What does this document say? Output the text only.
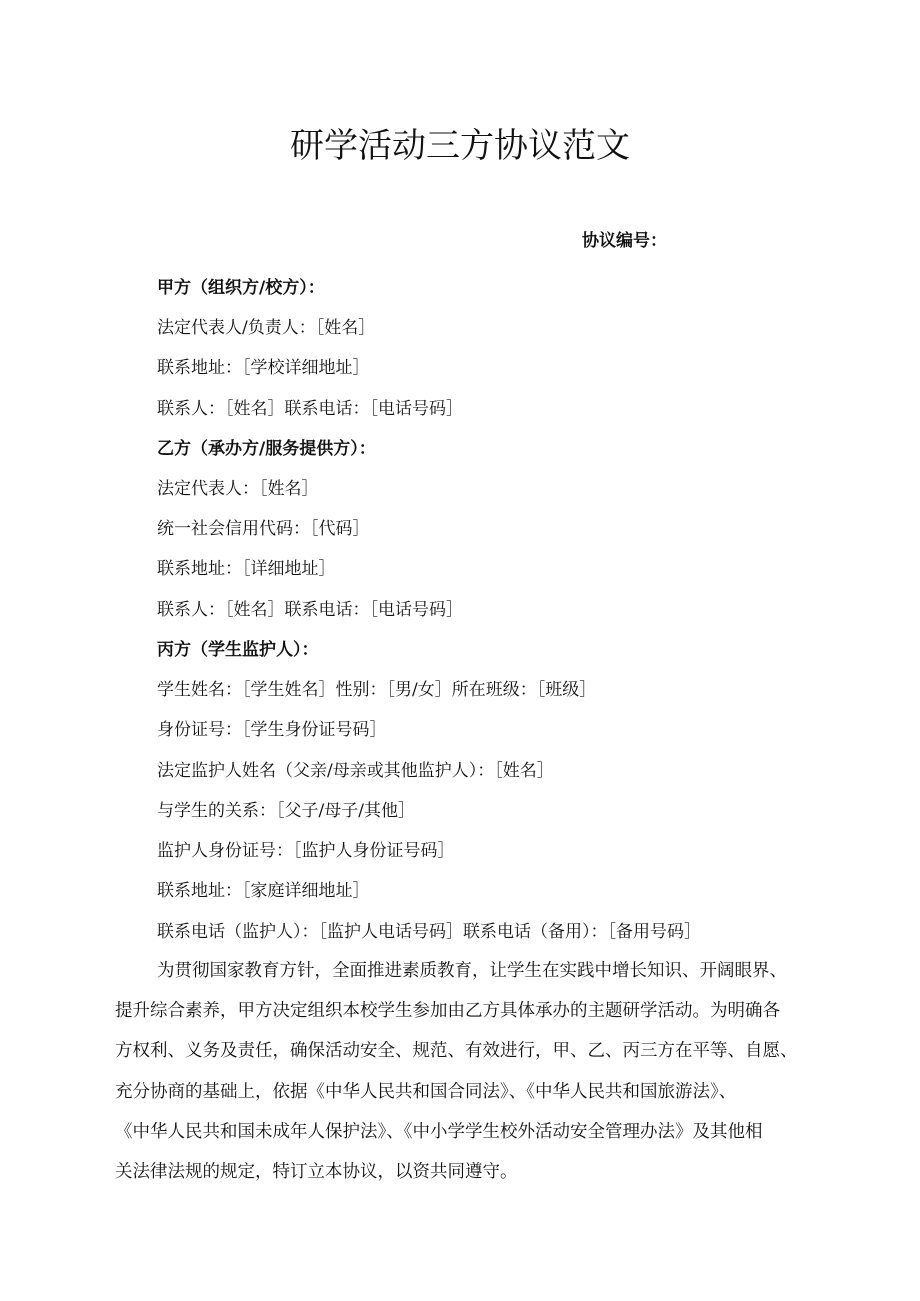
研学活动三方协议范文
协议编号：
甲方（组织方/校方）：
法定代表人/负责人：［姓名］
联系地址：［学校详细地址］
联系人：［姓名］联系电话：［电话号码］
乙方（承办方/服务提供方）：
法定代表人：［姓名］
统一社会信用代码：［代码］
联系地址：［详细地址］
联系人：［姓名］联系电话：［电话号码］
丙方（学生监护人）：
学生姓名：［学生姓名］性别：［男/女］所在班级：［班级］
身份证号：［学生身份证号码］
法定监护人姓名（父亲/母亲或其他监护人）：［姓名］
与学生的关系：［父子/母子/其他］
监护人身份证号：［监护人身份证号码］
联系地址：［家庭详细地址］
联系电话（监护人）：［监护人电话号码］联系电话（备用）：［备用号码］
为贯彻国家教育方针，全面推进素质教育，让学生在实践中增长知识、开阔眼界、
提升综合素养，甲方决定组织本校学生参加由乙方具体承办的主题研学活动。为明确各
方权利、义务及责任，确保活动安全、规范、有效进行，甲、乙、丙三方在平等、自愿、
充分协商的基础上，依据《中华人民共和国合同法》、《中华人民共和国旅游法》、
《中华人民共和国未成年人保护法》、《中小学学生校外活动安全管理办法》及其他相
关法律法规的规定，特订立本协议，以资共同遵守。
